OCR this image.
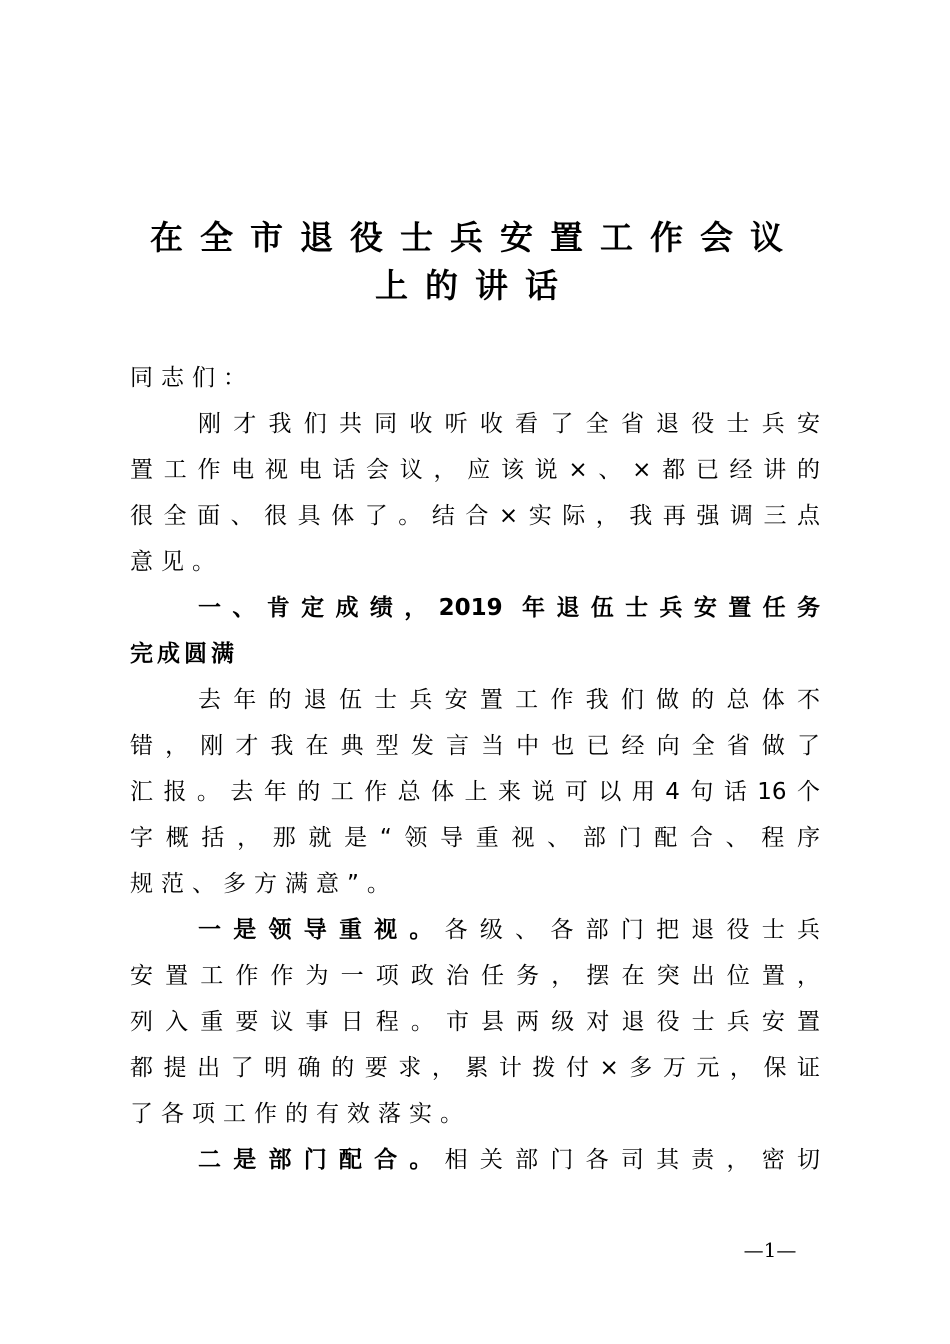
在全市退役士兵安置工作会议
上的讲话
同志们：
刚才我们共同收听收看了全省退役士兵安
置工作电视电话会议，应该说×、×都已经讲的
很全面、很具体了。结合×实际，我再强调三点
意见。
一、肯定成绩，2019 年退伍士兵安置任务
完成圆满
去年的退伍士兵安置工作我们做的总体不
错，刚才我在典型发言当中也已经向全省做了
汇报。去年的工作总体上来说可以用4句话16个
字概括，那就是“领导重视、部门配合、程序
规范、多方满意”。
一是领导重视。各级、各部门把退役士兵
安置工作作为一项政治任务，摆在突出位置，
列入重要议事日程。市县两级对退役士兵安置
都提出了明确的要求，累计拨付×多万元，保证
了各项工作的有效落实。
二是部门配合。相关部门各司其责，密切
—1—
